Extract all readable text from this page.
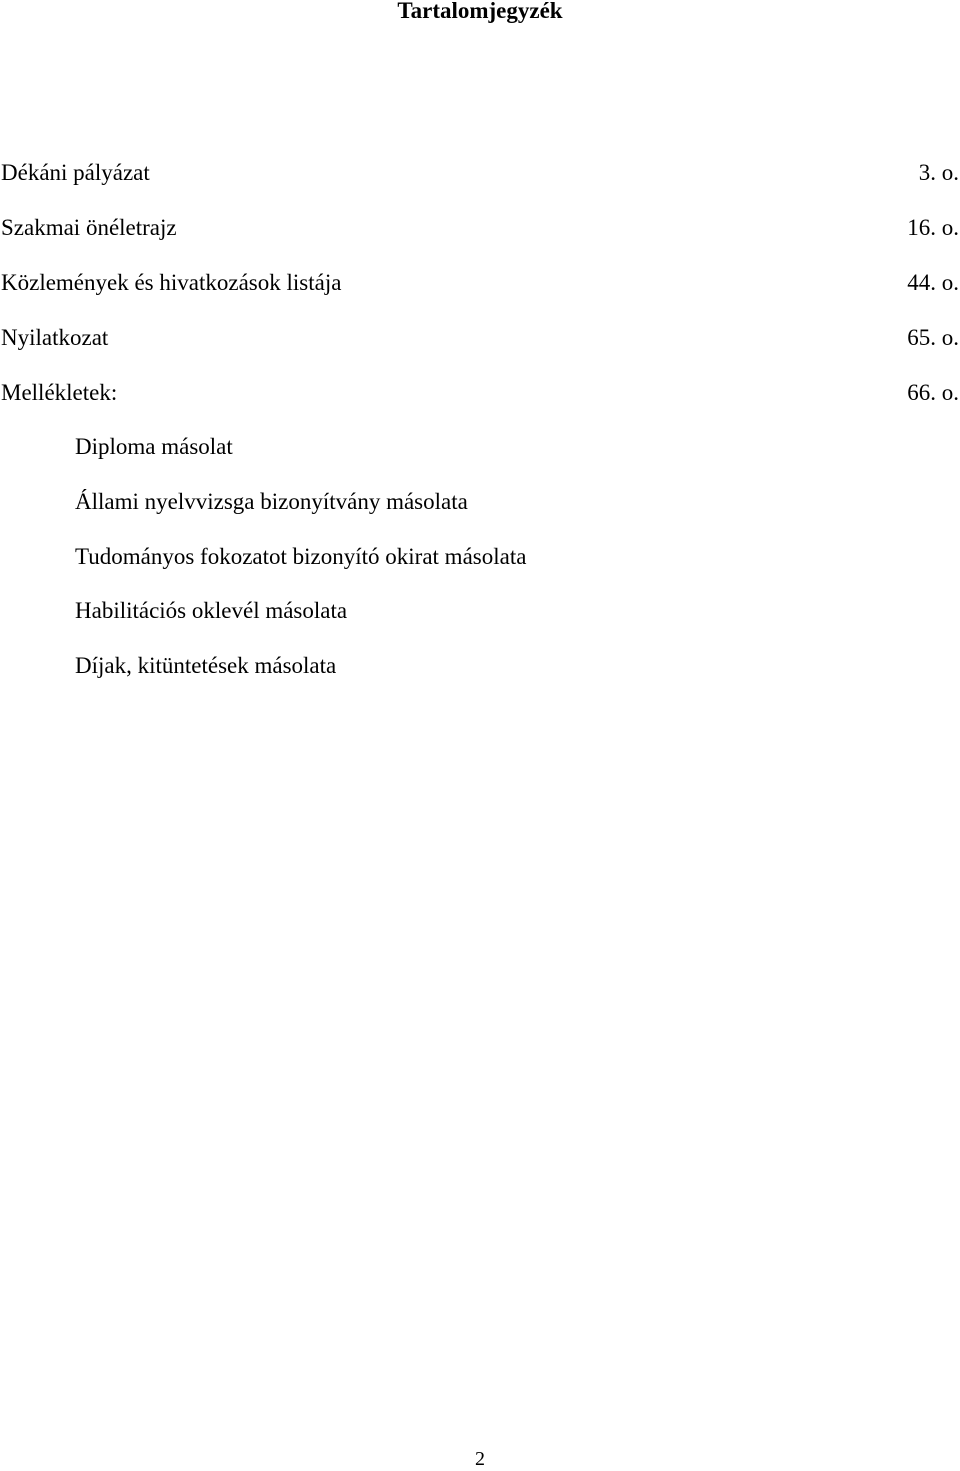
Tartalomjegyzék
Dékáni pályázat	3. o.
Szakmai önéletrajz	16. o.
Közlemények és hivatkozások listája	44. o.
Nyilatkozat	65. o.
Mellékletek:	66. o.
Diploma másolat
Állami nyelvvizsga bizonyítvány másolata
Tudományos fokozatot bizonyító okirat másolata
Habilitációs oklevél másolata
Díjak, kitüntetések másolata
2
